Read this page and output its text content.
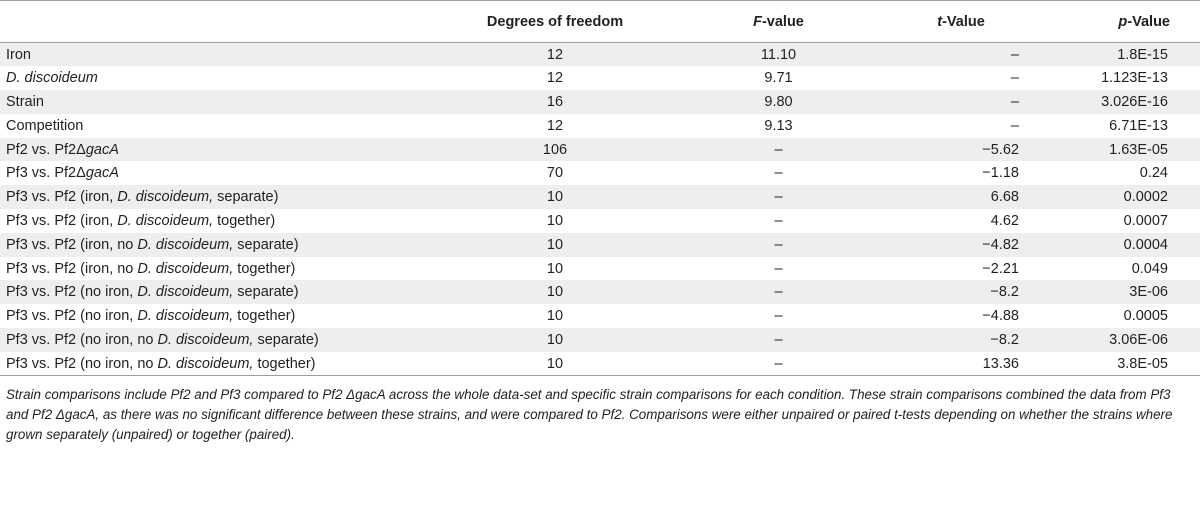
	Degrees of freedom	F-value	t-Value	p-Value
Iron	12	11.10	–	1.8E-15
D. discoideum	12	9.71	–	1.123E-13
Strain	16	9.80	–	3.026E-16
Competition	12	9.13	–	6.71E-13
Pf2 vs. Pf2ΔgacA	106	–	−5.62	1.63E-05
Pf3 vs. Pf2ΔgacA	70	–	−1.18	0.24
Pf3 vs. Pf2 (iron, D. discoideum, separate)	10	–	6.68	0.0002
Pf3 vs. Pf2 (iron, D. discoideum, together)	10	–	4.62	0.0007
Pf3 vs. Pf2 (iron, no D. discoideum, separate)	10	–	−4.82	0.0004
Pf3 vs. Pf2 (iron, no D. discoideum, together)	10	–	−2.21	0.049
Pf3 vs. Pf2 (no iron, D. discoideum, separate)	10	–	−8.2	3E-06
Pf3 vs. Pf2 (no iron, D. discoideum, together)	10	–	−4.88	0.0005
Pf3 vs. Pf2 (no iron, no D. discoideum, separate)	10	–	−8.2	3.06E-06
Pf3 vs. Pf2 (no iron, no D. discoideum, together)	10	–	13.36	3.8E-05
Strain comparisons include Pf2 and Pf3 compared to Pf2 ΔgacA across the whole data-set and specific strain comparisons for each condition. These strain comparisons combined the data from Pf3 and Pf2 ΔgacA, as there was no significant difference between these strains, and were compared to Pf2. Comparisons were either unpaired or paired t-tests depending on whether the strains where grown separately (unpaired) or together (paired).
